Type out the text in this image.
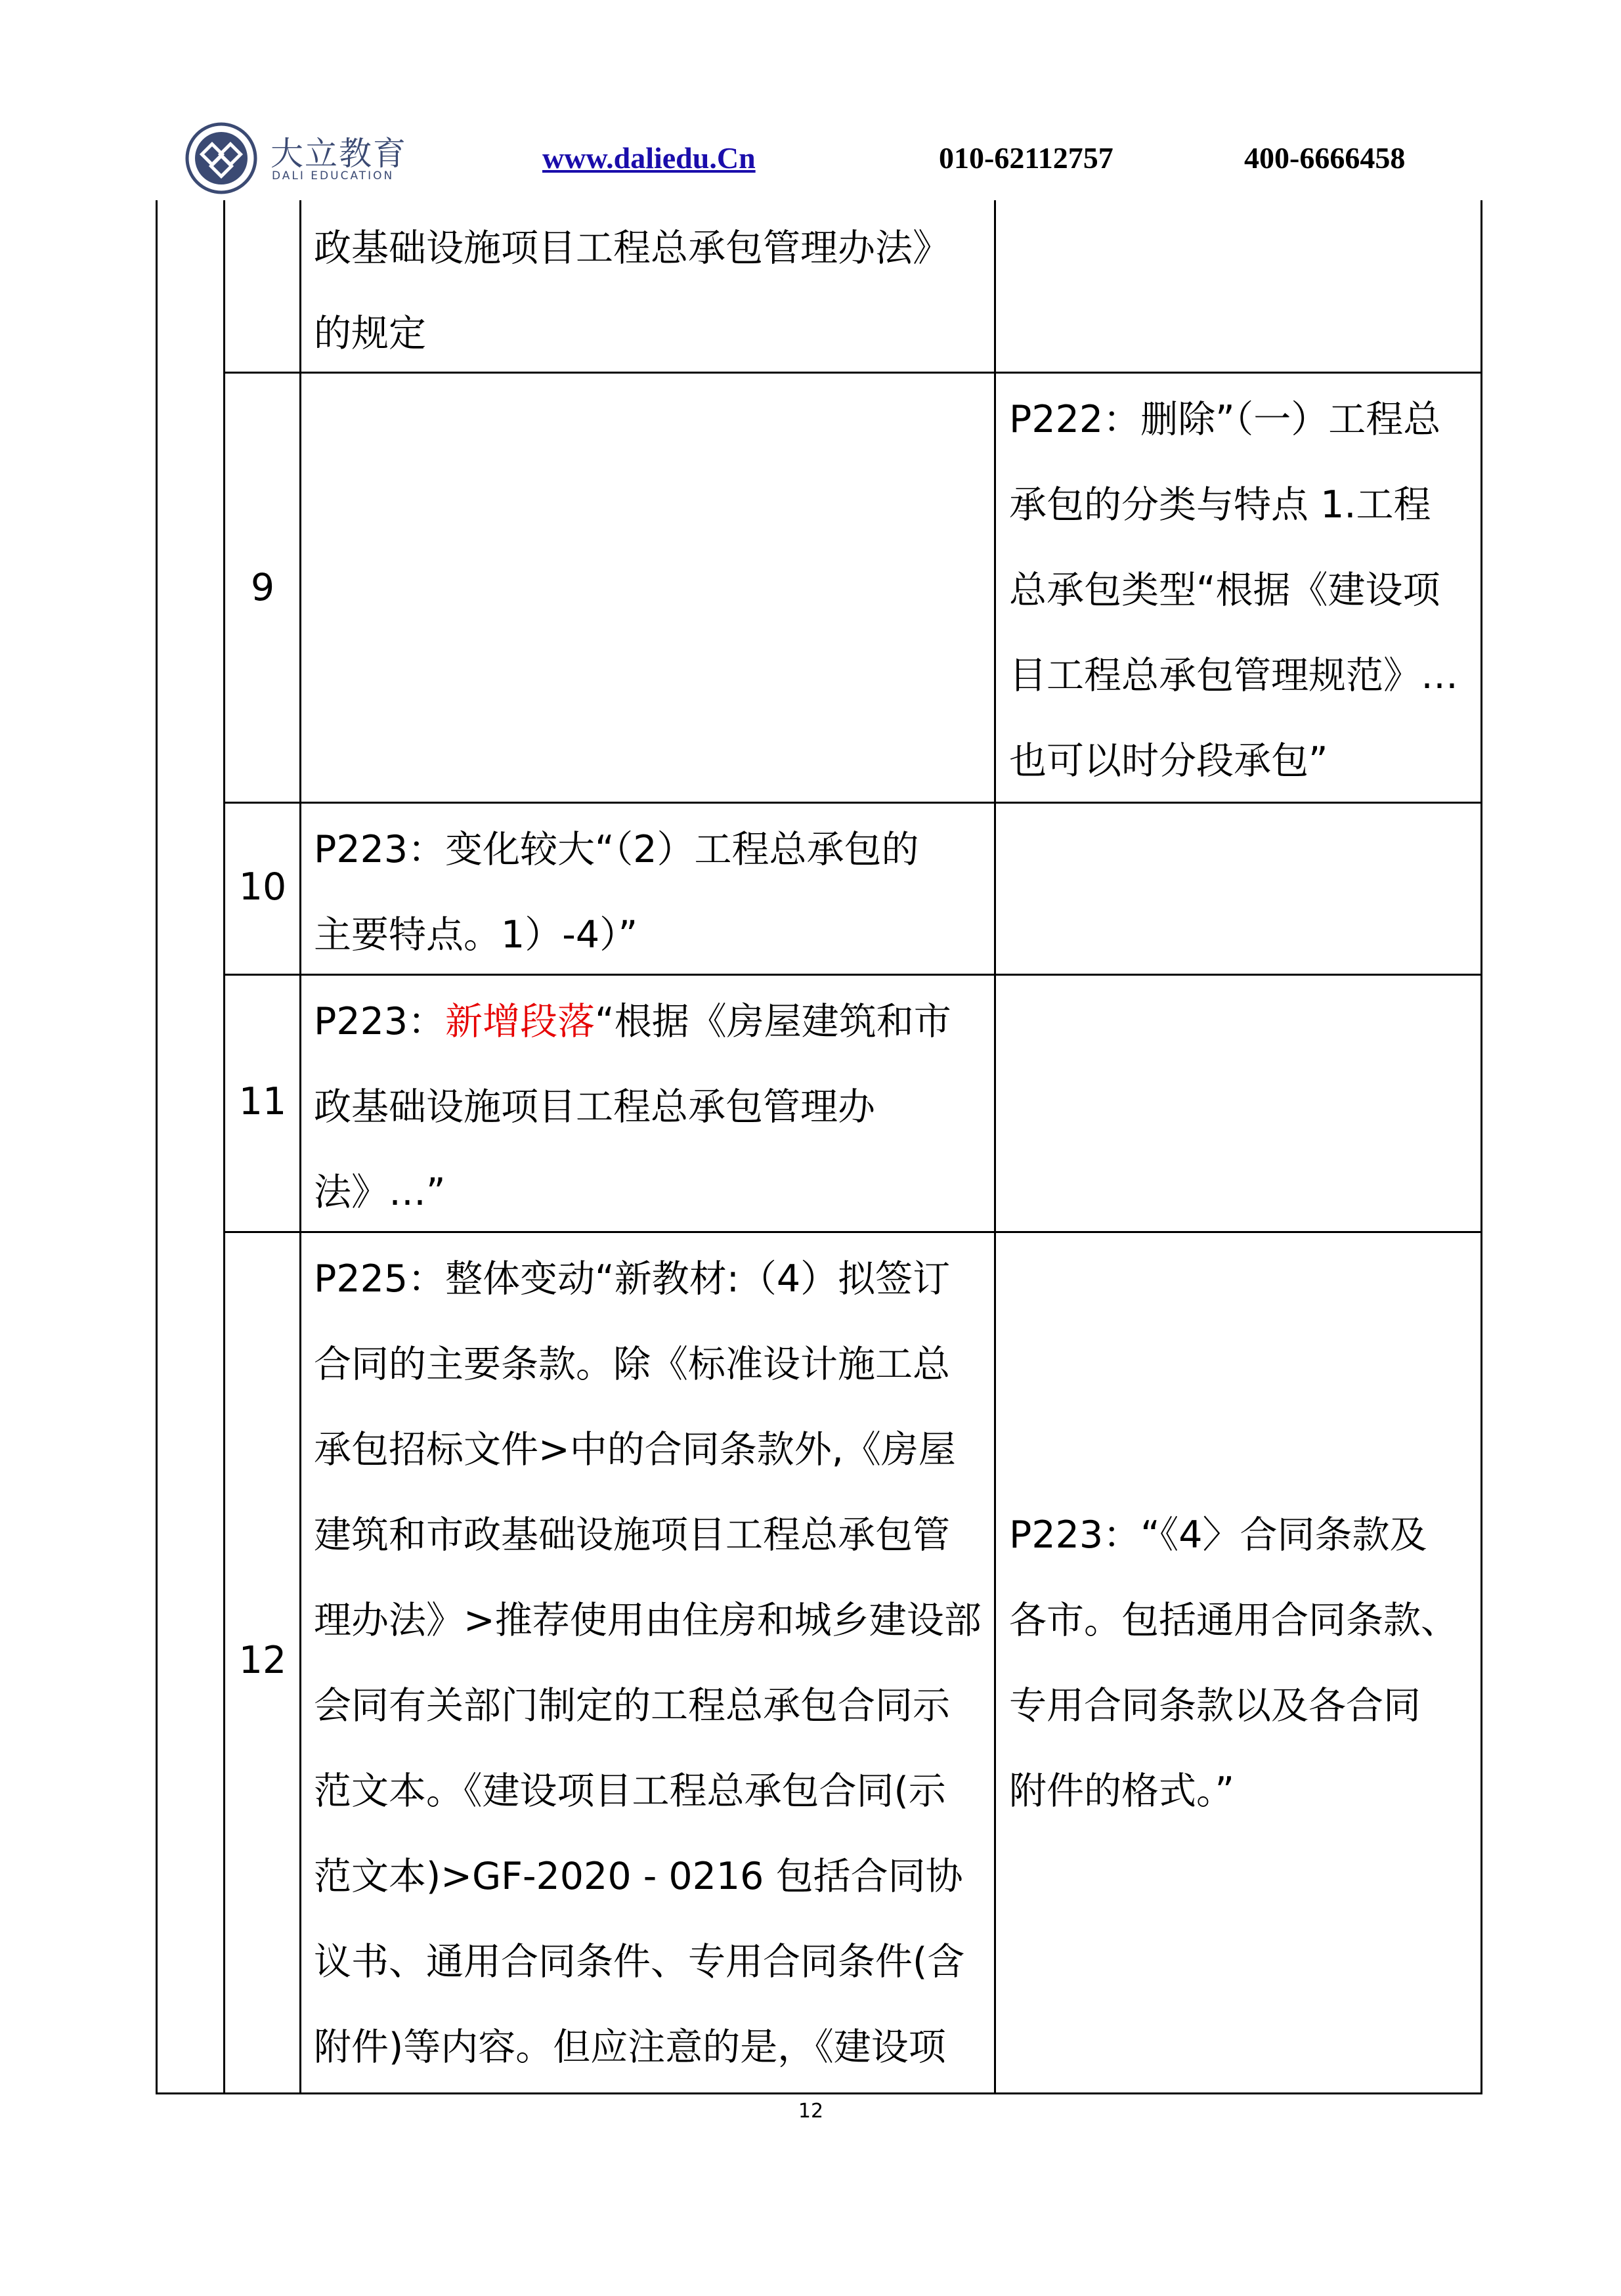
大立教育
DALI EDUCATION
www.daliedu.Cn	010-62112757	400-6666458
政基础设施项目工程总承包管理办法》
的规定
9
P222：删除”（一）工程总
承包的分类与特点 1.工程
总承包类型“根据《建设项
目工程总承包管理规范》…
也可以时分段承包”
10
P223：变化较大“（2）工程总承包的
主要特点。1）-4）”
11
P223：新增段落“根据《房屋建筑和市
政基础设施项目工程总承包管理办
法》…”
12
P225：整体变动“新教材:（4）拟签订
合同的主要条款。除《标准设计施工总
承包招标文件>中的合同条款外,《房屋
建筑和市政基础设施项目工程总承包管
理办法》>推荐使用由住房和城乡建设部
会同有关部门制定的工程总承包合同示
范文本。《建设项目工程总承包合同(示
范文本)>GF-2020 - 0216 包括合同协
议书、通用合同条件、专用合同条件(含
附件)等内容。但应注意的是，《建设项
P223：“《4〉合同条款及
各市。包括通用合同条款、
专用合同条款以及各合同
附件的格式。”
12
